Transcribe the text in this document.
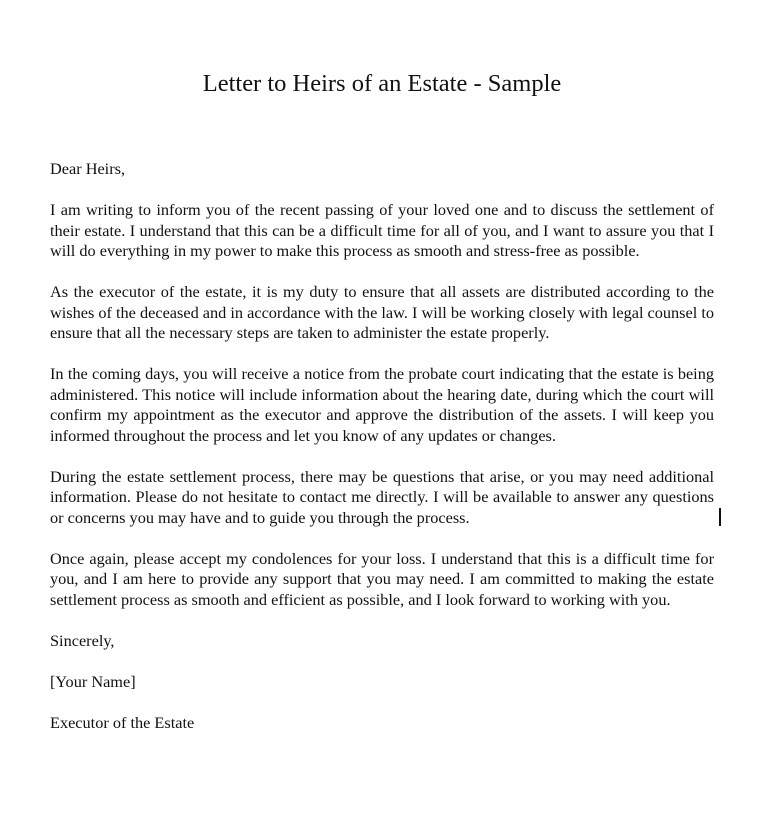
Letter to Heirs of an Estate - Sample

Dear Heirs,

I am writing to inform you of the recent passing of your loved one and to discuss the settlement of their estate. I understand that this can be a difficult time for all of you, and I want to assure you that I will do everything in my power to make this process as smooth and stress-free as possible.

As the executor of the estate, it is my duty to ensure that all assets are distributed according to the wishes of the deceased and in accordance with the law. I will be working closely with legal counsel to ensure that all the necessary steps are taken to administer the estate properly.

In the coming days, you will receive a notice from the probate court indicating that the estate is being administered. This notice will include information about the hearing date, during which the court will confirm my appointment as the executor and approve the distribution of the assets. I will keep you informed throughout the process and let you know of any updates or changes.

During the estate settlement process, there may be questions that arise, or you may need additional information. Please do not hesitate to contact me directly. I will be available to answer any questions or concerns you may have and to guide you through the process.

Once again, please accept my condolences for your loss. I understand that this is a difficult time for you, and I am here to provide any support that you may need. I am committed to making the estate settlement process as smooth and efficient as possible, and I look forward to working with you.

Sincerely,

[Your Name]

Executor of the Estate
